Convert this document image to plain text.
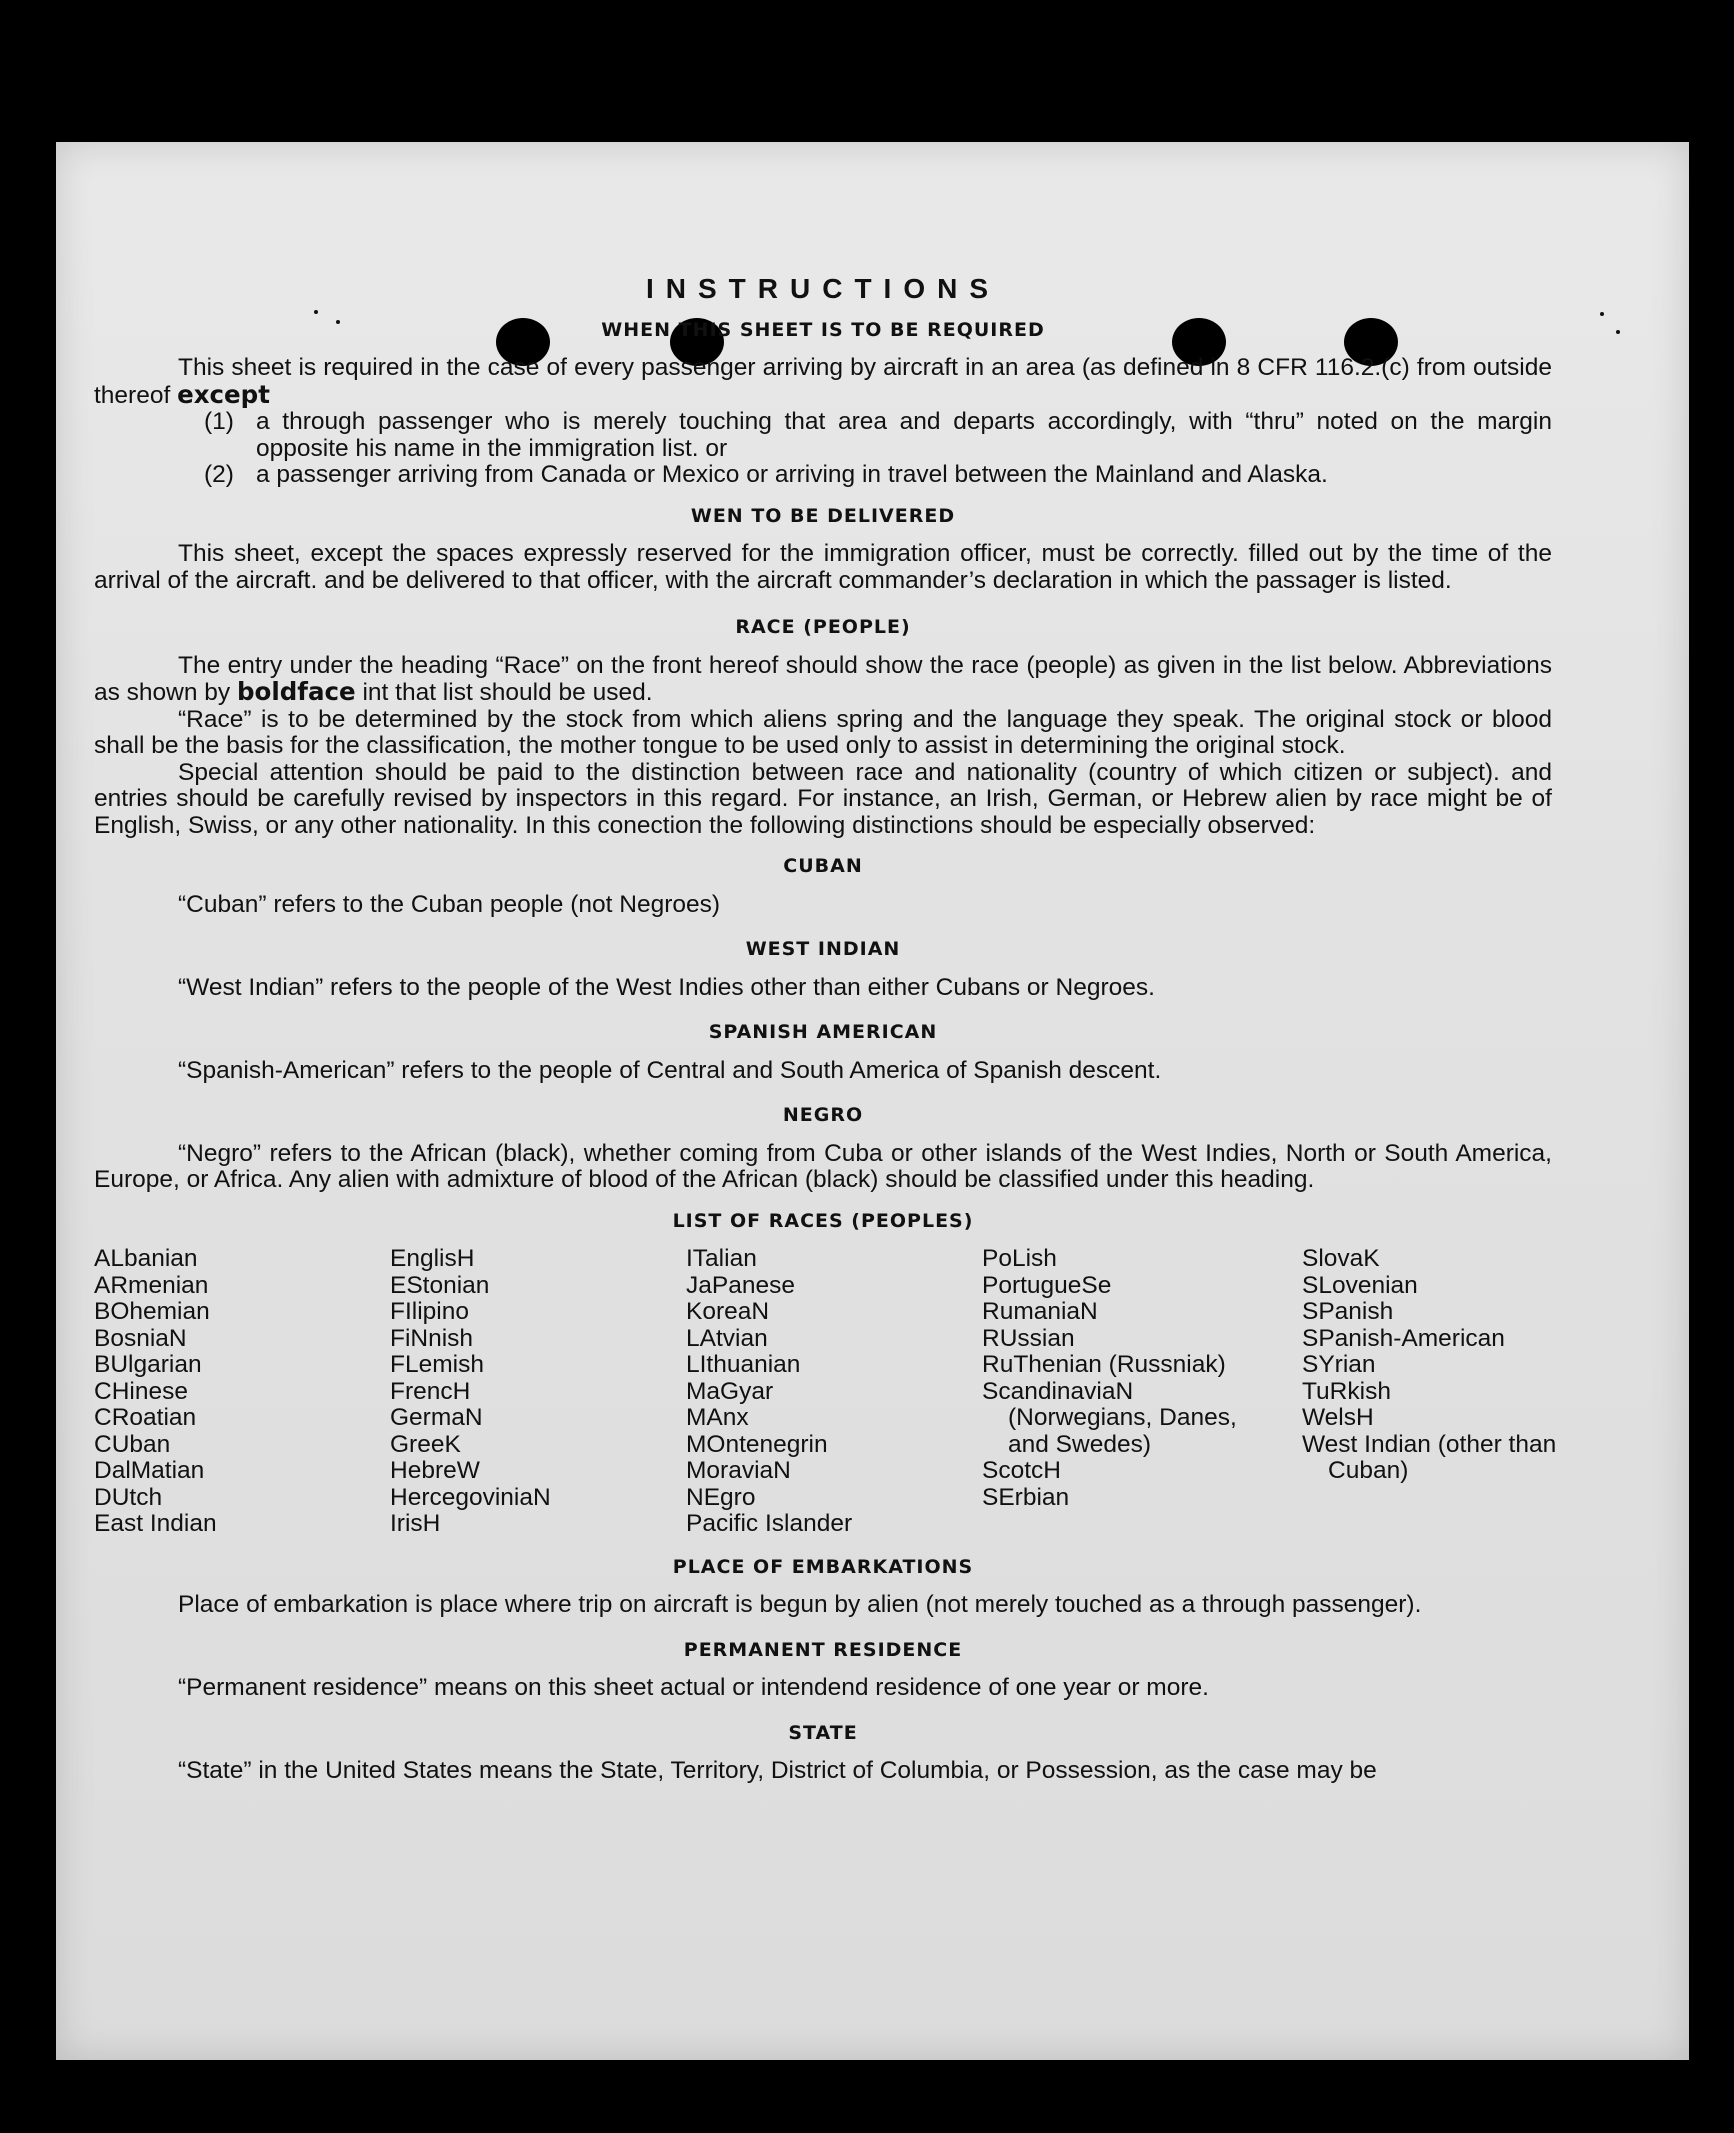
INSTRUCTIONS
WHEN THIS SHEET IS TO BE REQUIRED

This sheet is required in the case of every passenger arriving by aircraft in an area (as defined in 8 CFR 116.2.(c) from outside thereof except

(1) a through passenger who is merely touching that area and departs accordingly, with “thru” noted on the margin opposite his name in the immigration list. or
(2) a passenger arriving from Canada or Mexico or arriving in travel between the Mainland and Alaska.
WEN TO BE DELIVERED

This sheet, except the spaces expressly reserved for the immigration officer, must be correctly. filled out by the time of the arrival of the aircraft. and be delivered to that officer, with the aircraft commander’s declaration in which the passager is listed.

RACE (PEOPLE)

The entry under the heading “Race” on the front hereof should show the race (people) as given in the list below. Abbreviations as shown by boldface int that list should be used.

“Race” is to be determined by the stock from which aliens spring and the language they speak. The original stock or blood shall be the basis for the classification, the mother tongue to be used only to assist in determining the original stock.

Special attention should be paid to the distinction between race and nationality (country of which citizen or subject). and entries should be carefully revised by inspectors in this regard. For instance, an Irish, German, or Hebrew alien by race might be of English, Swiss, or any other nationality. In this conection the following distinctions should be especially observed:

CUBAN

“Cuban” refers to the Cuban people (not Negroes)

WEST INDIAN

“West Indian” refers to the people of the West Indies other than either Cubans or Negroes.

SPANISH AMERICAN

“Spanish-American” refers to the people of Central and South America of Spanish descent.

NEGRO

“Negro” refers to the African (black), whether coming from Cuba or other islands of the West Indies, North or South America, Europe, or Africa. Any alien with admixture of blood of the African (black) should be classified under this heading.

LIST OF RACES (PEOPLES)
ALbanian
ARmenian
BOhemian
BosniaN
BUlgarian
CHinese
CRoatian
CUban
DalMatian
DUtch
East Indian
EnglisH
EStonian
FIlipino
FiNnish
FLemish
FrencH
GermaN
GreeK
HebreW
HercegoviniaN
IrisH
ITalian
JaPanese
KoreaN
LAtvian
LIthuanian
MaGyar
MAnx
MOntenegrin
MoraviaN
NEgro
Pacific Islander
PoLish
PortugueSe
RumaniaN
RUssian
RuThenian (Russniak)
ScandinaviaN (Norwegians, Danes, and Swedes)
ScotcH
SErbian
SlovaK
SLovenian
SPanish
SPanish-American
SYrian
TuRkish
WelsH
West Indian (other than Cuban)
PLACE OF EMBARKATIONS

Place of embarkation is place where trip on aircraft is begun by alien (not merely touched as a through passenger).

PERMANENT RESIDENCE

“Permanent residence” means on this sheet actual or intendend residence of one year or more.

STATE

“State” in the United States means the State, Territory, District of Columbia, or Possession, as the case may be
